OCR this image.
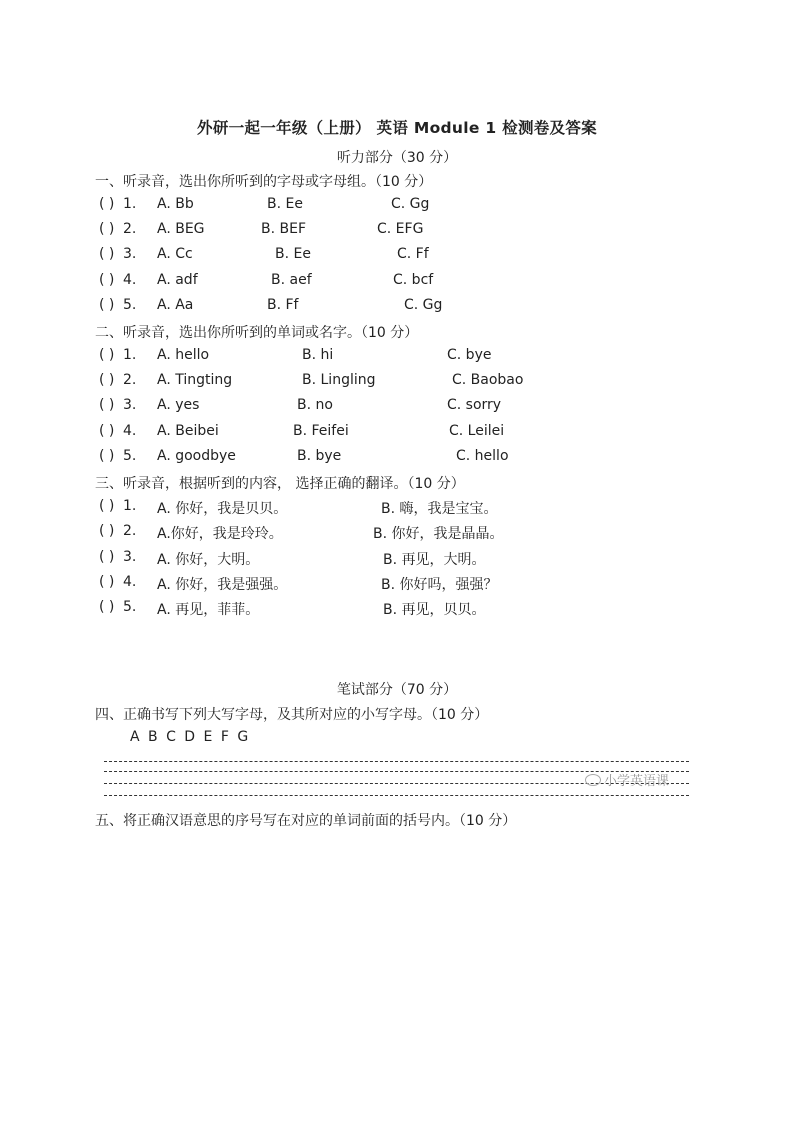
外研一起一年级（上册） 英语 Module 1 检测卷及答案
听力部分（30 分）
一、听录音，选出你所听到的字母或字母组。（10 分）
( ) 1. A. Bb	B. Ee	C. Gg
( ) 2. A. BEG	B. BEF	C. EFG
( ) 3. A. Cc	B. Ee	C. Ff
( ) 4. A. adf	B. aef	C. bcf
( ) 5. A. Aa	B. Ff	C. Gg
二、听录音，选出你所听到的单词或名字。（10 分）
( ) 1. A. hello	B. hi	C. bye
( ) 2. A. Tingting	B. Lingling	C. Baobao
( ) 3. A. yes	B. no	C. sorry
( ) 4. A. Beibei	B. Feifei	C. Leilei
( ) 5. A. goodbye	B. bye	C. hello
三、听录音，根据听到的内容， 选择正确的翻译。（10 分）
( ) 1. A. 你好，我是贝贝。	B. 嗨，我是宝宝。
( ) 2. A.你好，我是玲玲。	B. 你好，我是晶晶。
( ) 3. A. 你好，大明。	B. 再见，大明。
( ) 4. A. 你好，我是强强。	B. 你好吗，强强？
( ) 5. A. 再见，菲菲。	B. 再见，贝贝。
笔试部分（70 分）
四、正确书写下列大写字母，及其所对应的小写字母。（10 分）
A B C D E F G
小学英语课
五、将正确汉语意思的序号写在对应的单词前面的括号内。（10 分）
